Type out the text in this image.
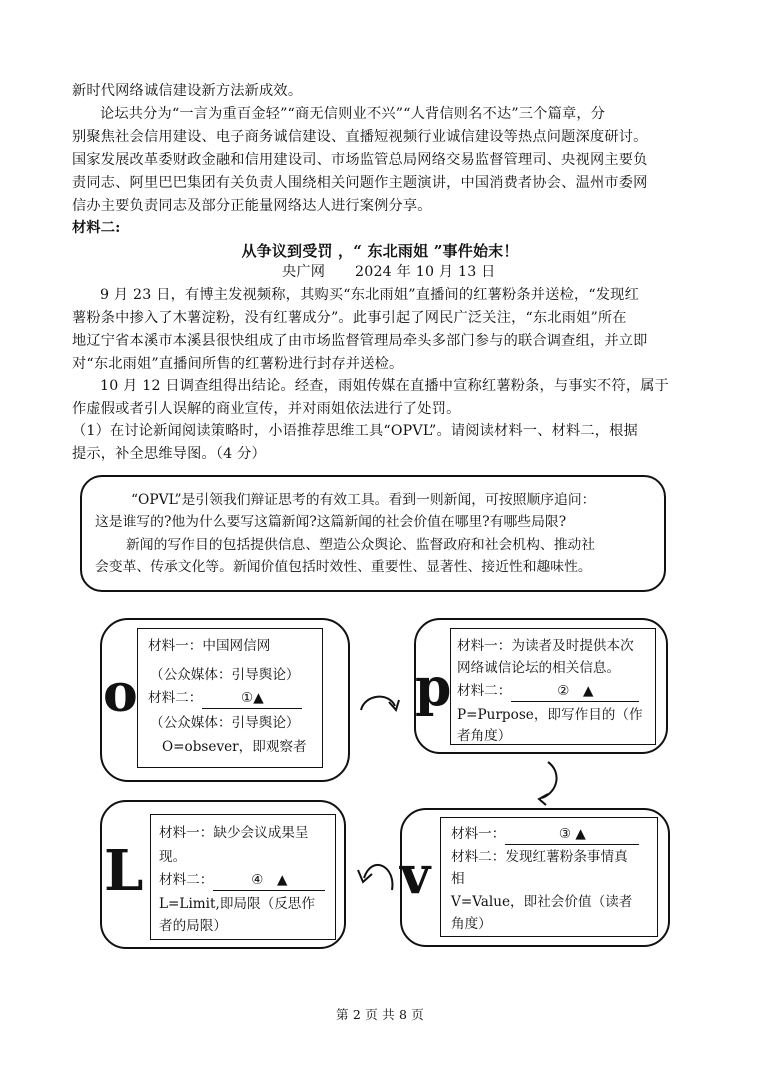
新时代网络诚信建设新方法新成效。
论坛共分为“一言为重百金轻”“商无信则业不兴”“人背信则名不达”三个篇章，分
别聚焦社会信用建设、电子商务诚信建设、直播短视频行业诚信建设等热点问题深度研讨。
国家发展改革委财政金融和信用建设司、市场监管总局网络交易监督管理司、央视网主要负
责同志、阿里巴巴集团有关负责人围绕相关问题作主题演讲，中国消费者协会、温州市委网
信办主要负责同志及部分正能量网络达人进行案例分享。
材料二:
从争议到受罚 ，“ 东北雨姐 ”事件始末！
央广网 2024 年 10 月 13 日
9 月 23 日，有博主发视频称，其购买“东北雨姐”直播间的红薯粉条并送检，“发现红
薯粉条中掺入了木薯淀粉，没有红薯成分”。此事引起了网民广泛关注，“东北雨姐”所在
地辽宁省本溪市本溪县很快组成了由市场监督管理局牵头多部门参与的联合调查组，并立即
对“东北雨姐”直播间所售的红薯粉进行封存并送检。
10 月 12 日调查组得出结论。经查，雨姐传媒在直播中宣称红薯粉条，与事实不符，属于
作虚假或者引人误解的商业宣传，并对雨姐依法进行了处罚。
（1）在讨论新闻阅读策略时，小语推荐思维工具“OPVL”。请阅读材料一、材料二，根据
提示，补全思维导图。（4 分）
“OPVL”是引领我们辩证思考的有效工具。看到一则新闻，可按照顺序追问：
这是谁写的?他为什么要写这篇新闻?这篇新闻的社会价值在哪里?有哪些局限?
新闻的写作目的包括提供信息、塑造公众舆论、监督政府和社会机构、推动社
会变革、传承文化等。新闻价值包括时效性、重要性、显著性、接近性和趣味性。
o
材料一：中国网信网
（公众媒体：引导舆论）
材料二：	①▲
（公众媒体：引导舆论）
O=obsever，即观察者
p
材料一：为读者及时提供本次
网络诚信论坛的相关信息。
材料二：	②　▲
P=Purpose，即写作目的（作
者角度）
v
材料一：	③ ▲
材料二：发现红薯粉条事情真
相
V=Value，即社会价值（读者
角度）
L
材料一：缺少会议成果呈
现。
材料二：	④　▲
L=Limit,即局限（反思作
者的局限）
第 2 页 共 8 页
